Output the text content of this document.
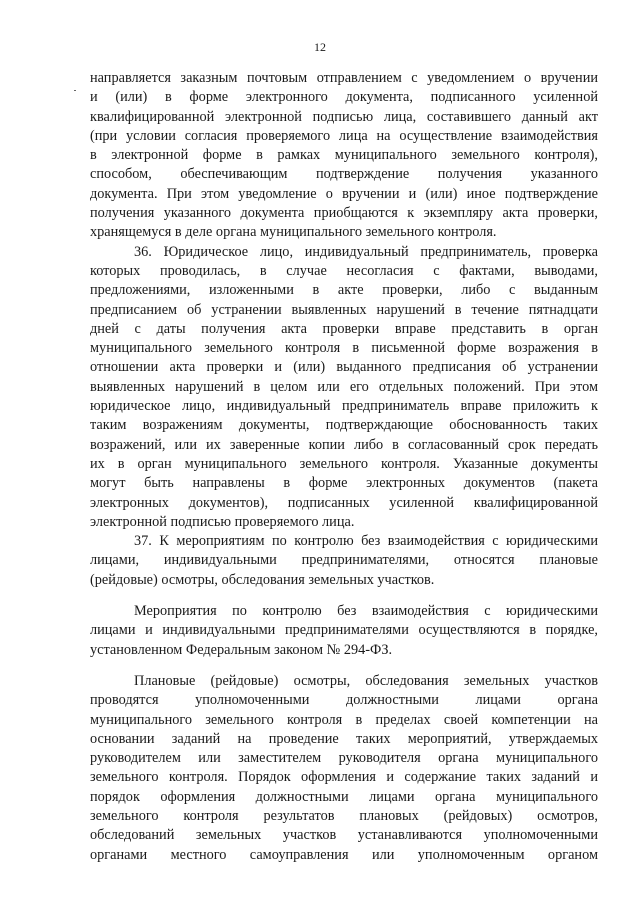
12
направляется заказным почтовым отправлением с уведомлением о вручении
и (или) в форме электронного документа, подписанного усиленной
квалифицированной электронной подписью лица, составившего данный акт
(при условии согласия проверяемого лица на осуществление взаимодействия
в электронной форме в рамках муниципального земельного контроля),
способом, обеспечивающим подтверждение получения указанного
документа. При этом уведомление о вручении и (или) иное подтверждение
получения указанного документа приобщаются к экземпляру акта проверки,
хранящемуся в деле органа муниципального земельного контроля.
36. Юридическое лицо, индивидуальный предприниматель, проверка
которых проводилась, в случае несогласия с фактами, выводами,
предложениями, изложенными в акте проверки, либо с выданным
предписанием об устранении выявленных нарушений в течение пятнадцати
дней с даты получения акта проверки вправе представить в орган
муниципального земельного контроля в письменной форме возражения в
отношении акта проверки и (или) выданного предписания об устранении
выявленных нарушений в целом или его отдельных положений. При этом
юридическое лицо, индивидуальный предприниматель вправе приложить к
таким возражениям документы, подтверждающие обоснованность таких
возражений, или их заверенные копии либо в согласованный срок передать
их в орган муниципального земельного контроля. Указанные документы
могут быть направлены в форме электронных документов (пакета
электронных документов), подписанных усиленной квалифицированной
электронной подписью проверяемого лица.
37. К мероприятиям по контролю без взаимодействия с юридическими
лицами, индивидуальными предпринимателями, относятся плановые
(рейдовые) осмотры, обследования земельных участков.
Мероприятия по контролю без взаимодействия с юридическими
лицами и индивидуальными предпринимателями осуществляются в порядке,
установленном Федеральным законом № 294-ФЗ.
Плановые (рейдовые) осмотры, обследования земельных участков
проводятся уполномоченными должностными лицами органа
муниципального земельного контроля в пределах своей компетенции на
основании заданий на проведение таких мероприятий, утверждаемых
руководителем или заместителем руководителя органа муниципального
земельного контроля. Порядок оформления и содержание таких заданий и
порядок оформления должностными лицами органа муниципального
земельного контроля результатов плановых (рейдовых) осмотров,
обследований земельных участков устанавливаются уполномоченными
органами местного самоуправления или уполномоченным органом
